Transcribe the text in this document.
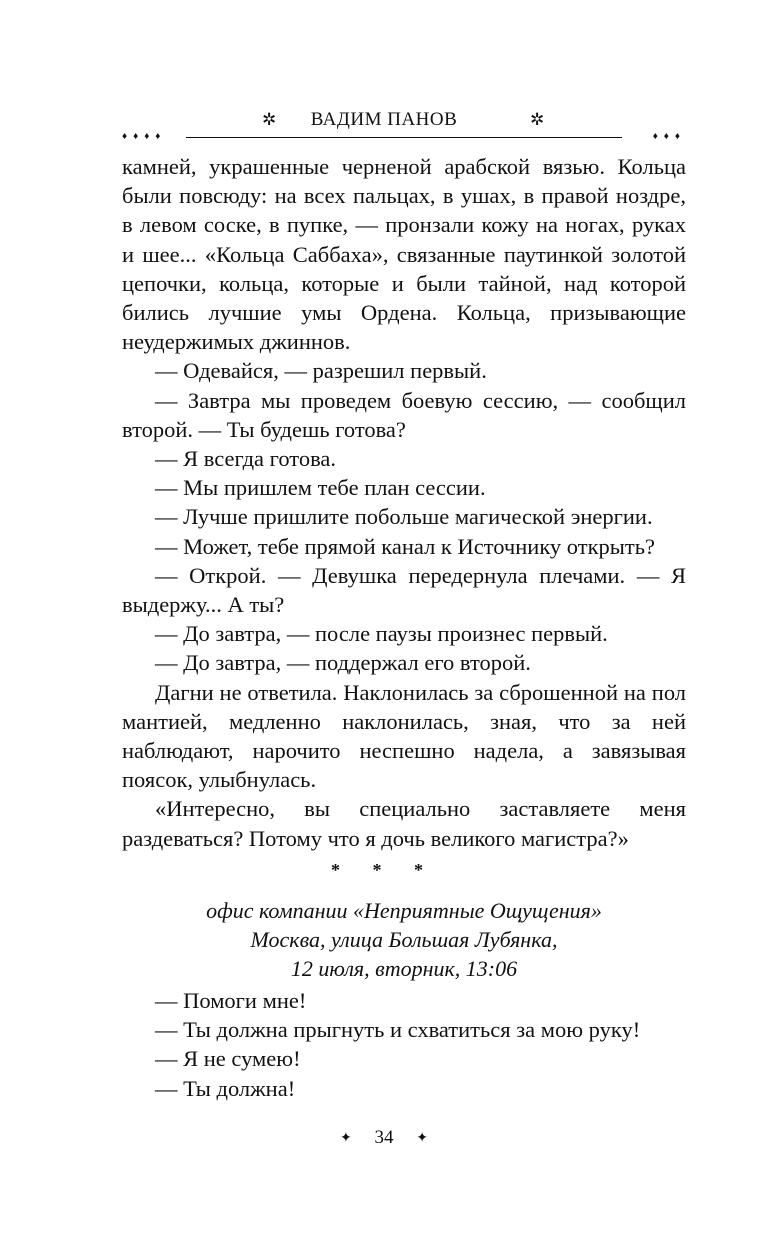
✲	ВАДИМ ПАНОВ	✲
♦♦♦♦	♦♦♦

камней, украшенные черненой арабской вязью. Кольца были повсюду: на всех пальцах, в ушах, в правой ноздре, в левом соске, в пупке, — пронзали кожу на ногах, руках и шее... «Кольца Саббаха», связанные паутинкой золотой цепочки, кольца, которые и были тайной, над которой бились лучшие умы Ордена. Кольца, призывающие неудержимых джиннов.

— Одевайся, — разрешил первый.

— Завтра мы проведем боевую сессию, — сообщил второй. — Ты будешь готова?

— Я всегда готова.

— Мы пришлем тебе план сессии.

— Лучше пришлите побольше магической энергии.

— Может, тебе прямой канал к Источнику открыть?

— Открой. — Девушка передернула плечами. — Я выдержу... А ты?

— До завтра, — после паузы произнес первый.

— До завтра, — поддержал его второй.

Дагни не ответила. Наклонилась за сброшенной на пол мантией, медленно наклонилась, зная, что за ней наблюдают, нарочито неспешно надела, а завязывая поясок, улыбнулась.

«Интересно, вы специально заставляете меня раздеваться? Потому что я дочь великого магистра?»

* * *
офис компании «Неприятные Ощущения»
Москва, улица Большая Лубянка,
12 июля, вторник, 13:06

— Помоги мне!

— Ты должна прыгнуть и схватиться за мою руку!

— Я не сумею!

— Ты должна!

✦ 34 ✦
